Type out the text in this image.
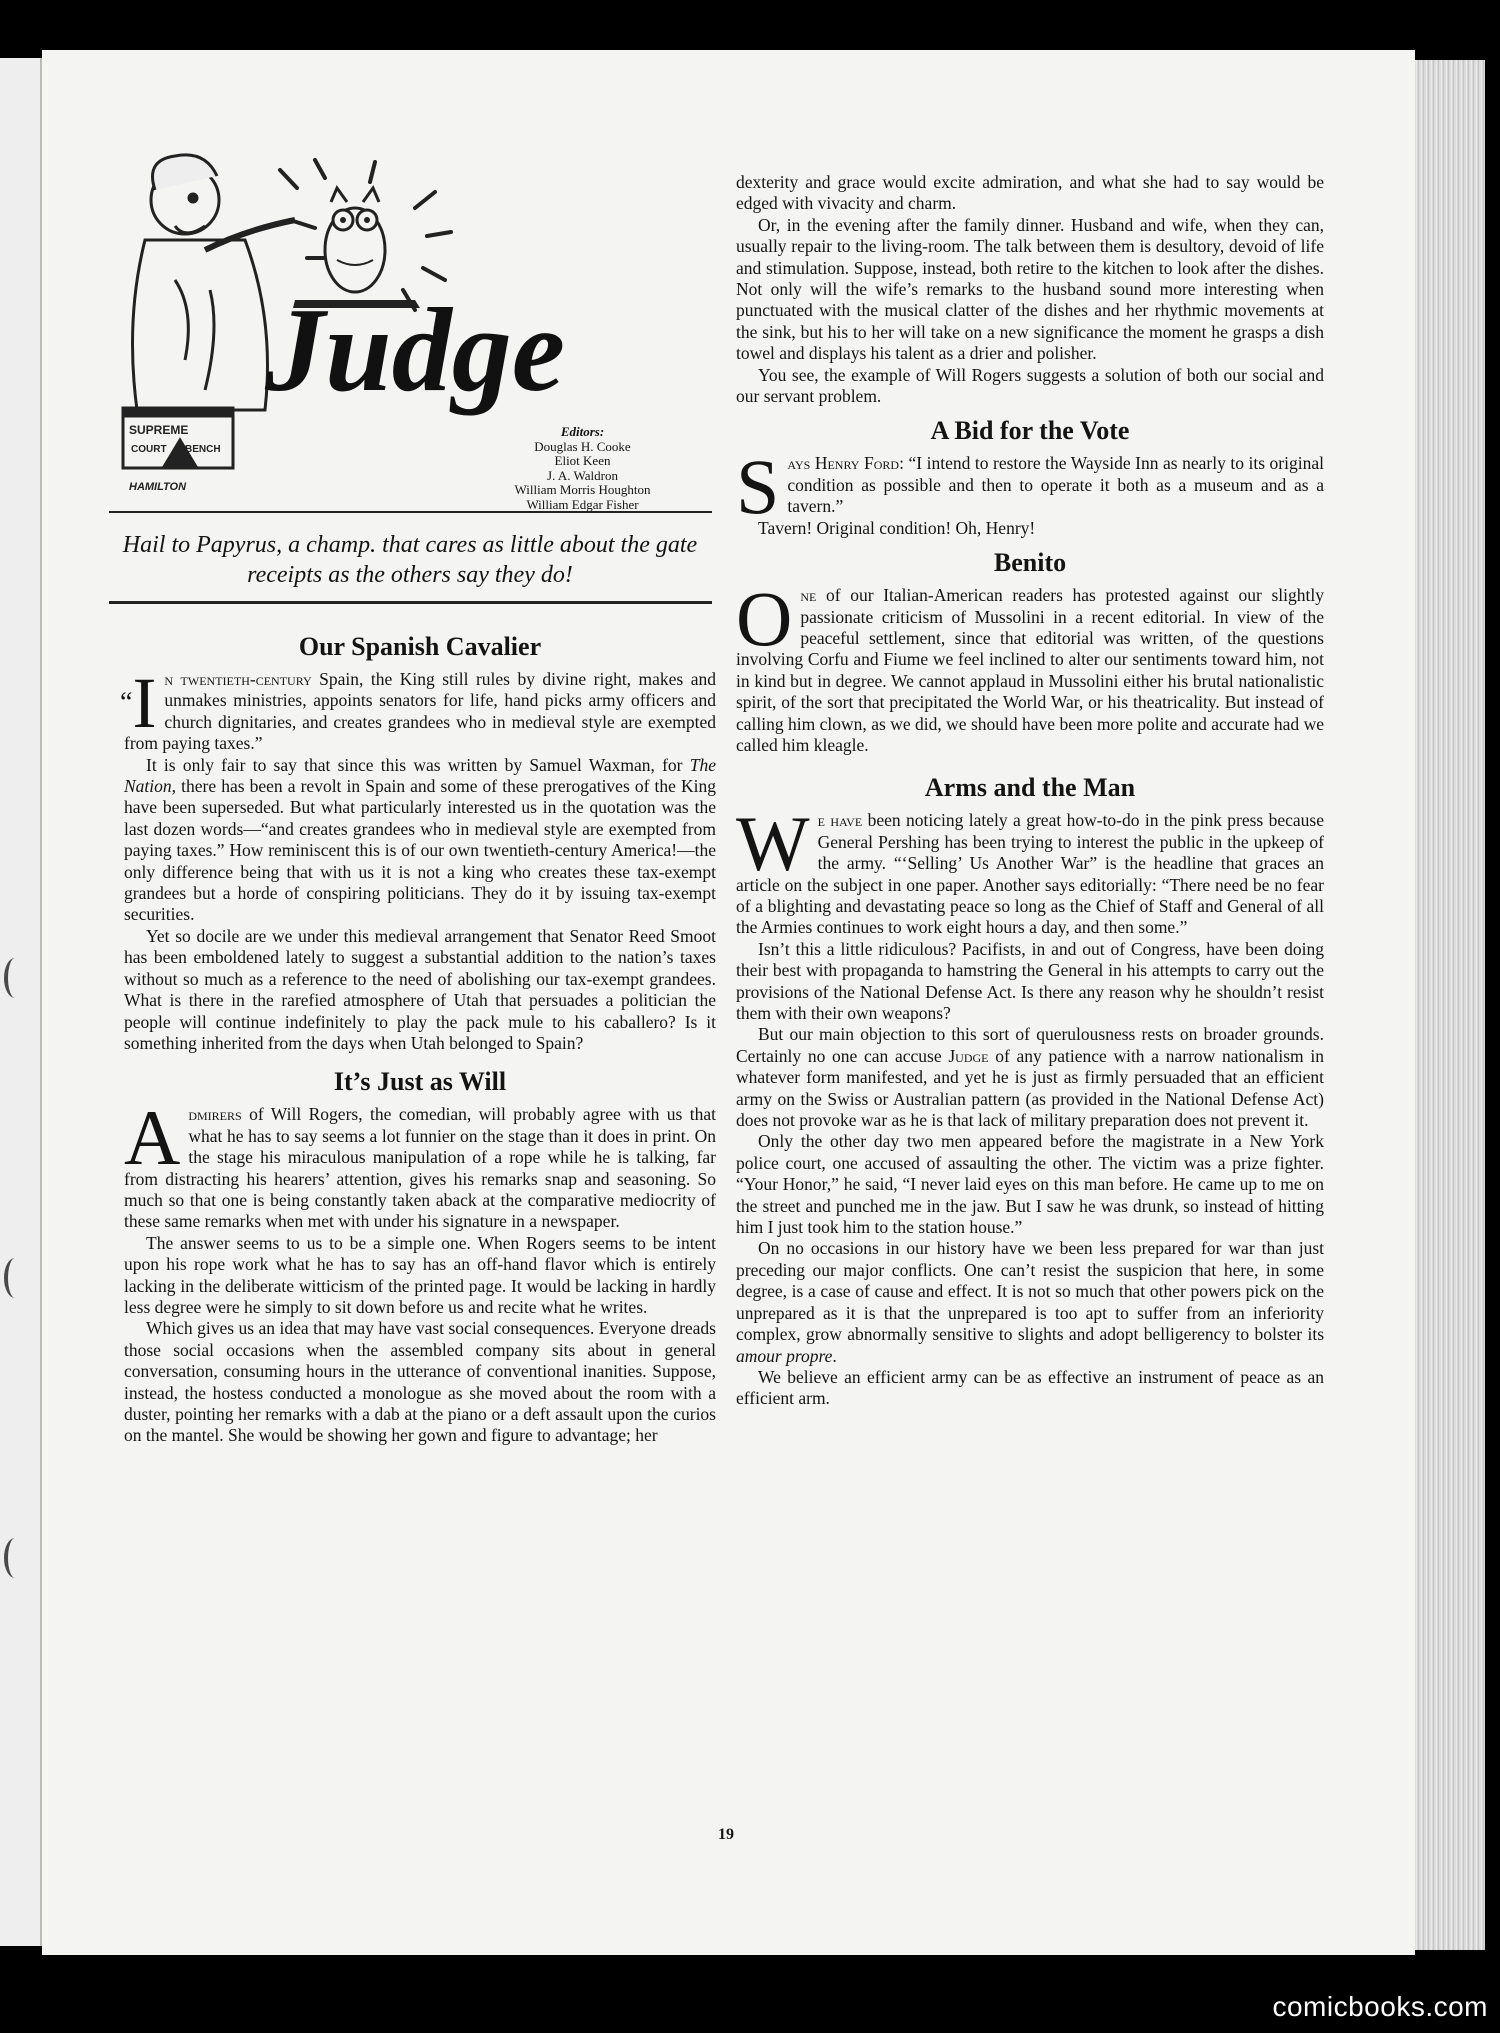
SUPREME
COURT BENCH
HAMILTON
Judge
Editors:
Douglas H. Cooke
Eliot Keen
J. A. Waldron
William Morris Houghton
William Edgar Fisher
Hail to Papyrus, a champ. that cares as little about the gate receipts as the others say they do!
Our Spanish Cavalier

“I n twentieth-century Spain, the King still rules by divine right, makes and unmakes ministries, appoints senators for life, hand picks army officers and church dignitaries, and creates grandees who in medieval style are exempted from paying taxes.”

It is only fair to say that since this was written by Samuel Waxman, for The Nation, there has been a revolt in Spain and some of these prerogatives of the King have been superseded. But what particularly interested us in the quotation was the last dozen words—“and creates grandees who in medieval style are exempted from paying taxes.” How reminiscent this is of our own twentieth-century America!—the only difference being that with us it is not a king who creates these tax-exempt grandees but a horde of conspiring politicians. They do it by issuing tax-exempt securities.

Yet so docile are we under this medieval arrangement that Senator Reed Smoot has been emboldened lately to suggest a substantial addition to the nation’s taxes without so much as a reference to the need of abolishing our tax-exempt grandees. What is there in the rarefied atmosphere of Utah that persuades a politician the people will continue indefinitely to play the pack mule to his caballero? Is it something inherited from the days when Utah belonged to Spain?

It’s Just as Will

Admirers of Will Rogers, the comedian, will probably agree with us that what he has to say seems a lot funnier on the stage than it does in print. On the stage his miraculous manipulation of a rope while he is talking, far from distracting his hearers’ attention, gives his remarks snap and seasoning. So much so that one is being constantly taken aback at the comparative mediocrity of these same remarks when met with under his signature in a newspaper.

The answer seems to us to be a simple one. When Rogers seems to be intent upon his rope work what he has to say has an off-hand flavor which is entirely lacking in the deliberate witticism of the printed page. It would be lacking in hardly less degree were he simply to sit down before us and recite what he writes.

Which gives us an idea that may have vast social consequences. Everyone dreads those social occasions when the assembled company sits about in general conversation, consuming hours in the utterance of conventional inanities. Suppose, instead, the hostess conducted a monologue as she moved about the room with a duster, pointing her remarks with a dab at the piano or a deft assault upon the curios on the mantel. She would be showing her gown and figure to advantage; her

dexterity and grace would excite admiration, and what she had to say would be edged with vivacity and charm.

Or, in the evening after the family dinner. Husband and wife, when they can, usually repair to the living-room. The talk between them is desultory, devoid of life and stimulation. Suppose, instead, both retire to the kitchen to look after the dishes. Not only will the wife’s remarks to the husband sound more interesting when punctuated with the musical clatter of the dishes and her rhythmic movements at the sink, but his to her will take on a new significance the moment he grasps a dish towel and displays his talent as a drier and polisher.

You see, the example of Will Rogers suggests a solution of both our social and our servant problem.

A Bid for the Vote

Says Henry Ford: “I intend to restore the Wayside Inn as nearly to its original condition as possible and then to operate it both as a museum and as a tavern.”

Tavern! Original condition! Oh, Henry!

Benito

One of our Italian-American readers has protested against our slightly passionate criticism of Mussolini in a recent editorial. In view of the peaceful settlement, since that editorial was written, of the questions involving Corfu and Fiume we feel inclined to alter our sentiments toward him, not in kind but in degree. We cannot applaud in Mussolini either his brutal nationalistic spirit, of the sort that precipitated the World War, or his theatricality. But instead of calling him clown, as we did, we should have been more polite and accurate had we called him kleagle.

Arms and the Man

We have been noticing lately a great how-to-do in the pink press because General Pershing has been trying to interest the public in the upkeep of the army. “‘Selling’ Us Another War” is the headline that graces an article on the subject in one paper. Another says editorially: “There need be no fear of a blighting and devastating peace so long as the Chief of Staff and General of all the Armies continues to work eight hours a day, and then some.”

Isn’t this a little ridiculous? Pacifists, in and out of Congress, have been doing their best with propaganda to hamstring the General in his attempts to carry out the provisions of the National Defense Act. Is there any reason why he shouldn’t resist them with their own weapons?

But our main objection to this sort of querulousness rests on broader grounds. Certainly no one can accuse Judge of any patience with a narrow nationalism in whatever form manifested, and yet he is just as firmly persuaded that an efficient army on the Swiss or Australian pattern (as provided in the National Defense Act) does not provoke war as he is that lack of military preparation does not prevent it.

Only the other day two men appeared before the magistrate in a New York police court, one accused of assaulting the other. The victim was a prize fighter. “Your Honor,” he said, “I never laid eyes on this man before. He came up to me on the street and punched me in the jaw. But I saw he was drunk, so instead of hitting him I just took him to the station house.”

On no occasions in our history have we been less prepared for war than just preceding our major conflicts. One can’t resist the suspicion that here, in some degree, is a case of cause and effect. It is not so much that other powers pick on the unprepared as it is that the unprepared is too apt to suffer from an inferiority complex, grow abnormally sensitive to slights and adopt belligerency to bolster its amour propre.

We believe an efficient army can be as effective an instrument of peace as an efficient arm.

19
comicbooks.com
